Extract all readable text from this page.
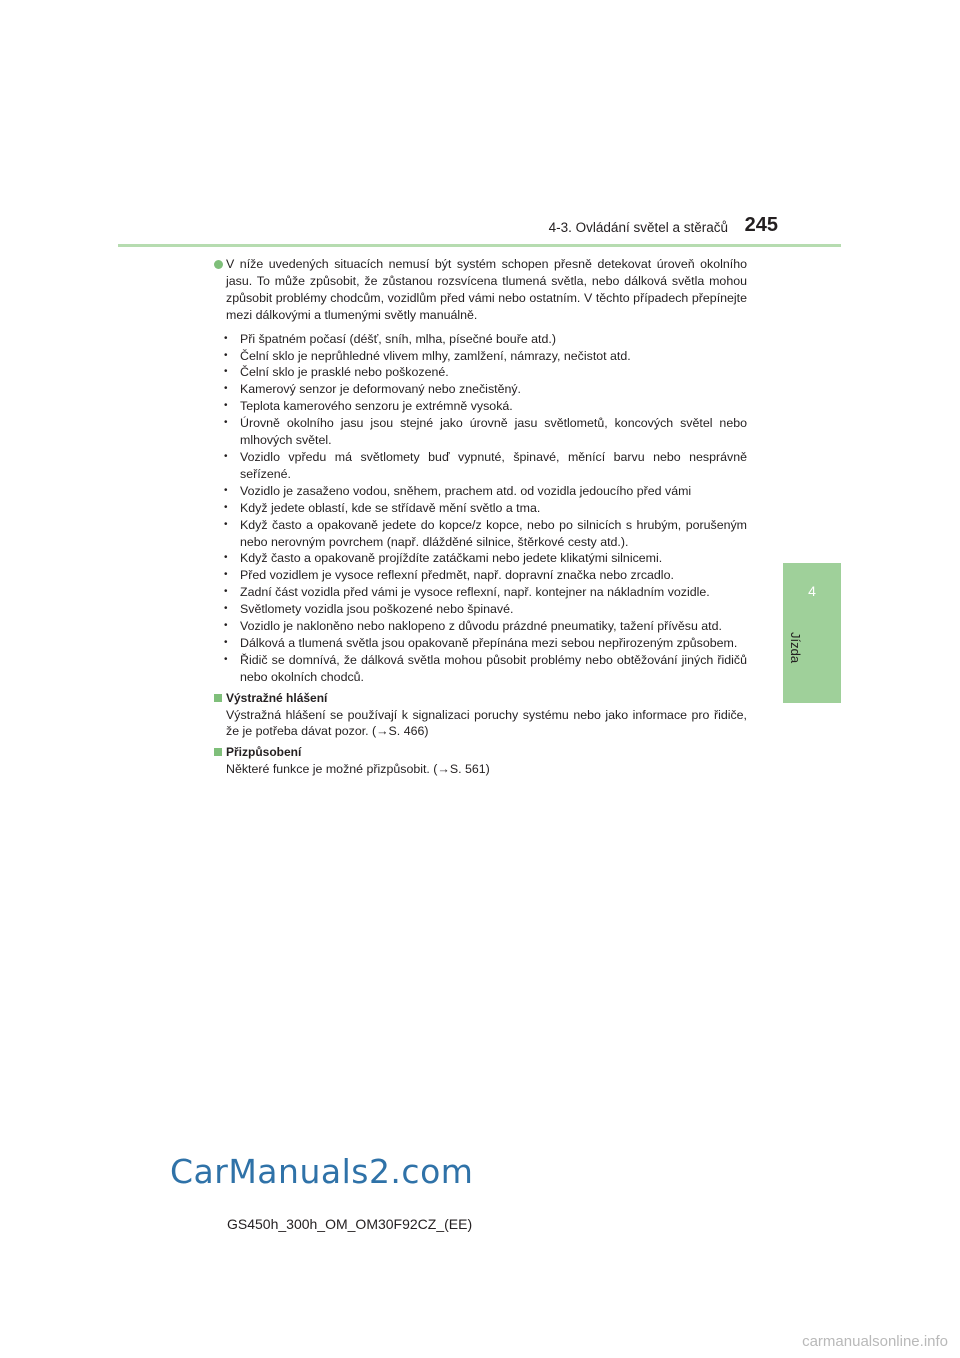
4-3. Ovládání světel a stěračů 245
4
Jízda

V níže uvedených situacích nemusí být systém schopen přesně detekovat úroveň okolního jasu. To může způsobit, že zůstanou rozsvícena tlumená světla, nebo dálková světla mohou způsobit problémy chodcům, vozidlům před vámi nebo ostatním. V těchto případech přepínejte mezi dálkovými a tlumenými světly manuálně.

• Při špatném počasí (déšť, sníh, mlha, písečné bouře atd.)
• Čelní sklo je neprůhledné vlivem mlhy, zamlžení, námrazy, nečistot atd.
• Čelní sklo je prasklé nebo poškozené.
• Kamerový senzor je deformovaný nebo znečistěný.
• Teplota kamerového senzoru je extrémně vysoká.
• Úrovně okolního jasu jsou stejné jako úrovně jasu světlometů, koncových světel nebo mlhových světel.
• Vozidlo vpředu má světlomety buď vypnuté, špinavé, měnící barvu nebo nesprávně seřízené.
• Vozidlo je zasaženo vodou, sněhem, prachem atd. od vozidla jedoucího před vámi
• Když jedete oblastí, kde se střídavě mění světlo a tma.
• Když často a opakovaně jedete do kopce/z kopce, nebo po silnicích s hrubým, porušeným nebo nerovným povrchem (např. dlážděné silnice, štěrkové cesty atd.).
• Když často a opakovaně projíždíte zatáčkami nebo jedete klikatými silnicemi.
• Před vozidlem je vysoce reflexní předmět, např. dopravní značka nebo zrcadlo.
• Zadní část vozidla před vámi je vysoce reflexní, např. kontejner na nákladním vozidle.
• Světlomety vozidla jsou poškozené nebo špinavé.
• Vozidlo je nakloněno nebo naklopeno z důvodu prázdné pneumatiky, tažení přívěsu atd.
• Dálková a tlumená světla jsou opakovaně přepínána mezi sebou nepřirozeným způsobem.
• Řidič se domnívá, že dálková světla mohou působit problémy nebo obtěžování jiných řidičů nebo okolních chodců.
Výstražné hlášení
Výstražná hlášení se používají k signalizaci poruchy systému nebo jako informace pro řidiče, že je potřeba dávat pozor. (→S. 466)
Přizpůsobení
Některé funkce je možné přizpůsobit. (→S. 561)
CarManuals2.com
GS450h_300h_OM_OM30F92CZ_(EE)
carmanualsonline.info
